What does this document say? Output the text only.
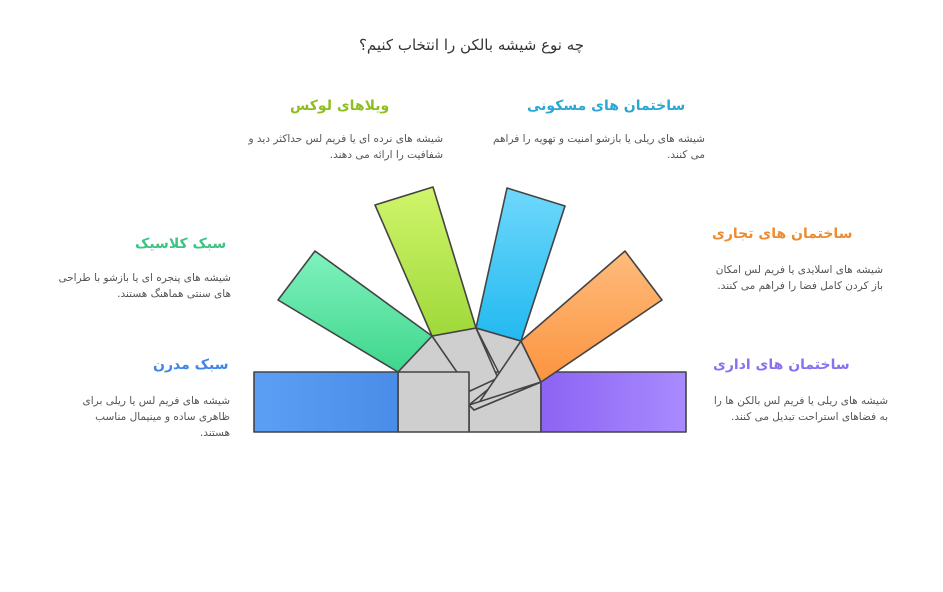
چه نوع شیشه بالکن را انتخاب کنیم؟
ساختمان های مسکونی
شیشه های ریلی یا بازشو امنیت و تهویه را فراهم می کنند.
ویلاهای لوکس
شیشه های نرده ای یا فریم لس حداکثر دید و شفافیت را ارائه می دهند.
ساختمان های تجاری
شیشه های اسلایدی یا فریم لس امکان باز کردن کامل فضا را فراهم می کنند.
سبک کلاسیک
شیشه های پنجره ای یا بازشو با طراحی های سنتی هماهنگ هستند.
ساختمان های اداری
شیشه های ریلی یا فریم لس بالکن ها را به فضاهای استراحت تبدیل می کنند.
سبک مدرن
شیشه های فریم لس یا ریلی برای ظاهری ساده و مینیمال مناسب هستند.
